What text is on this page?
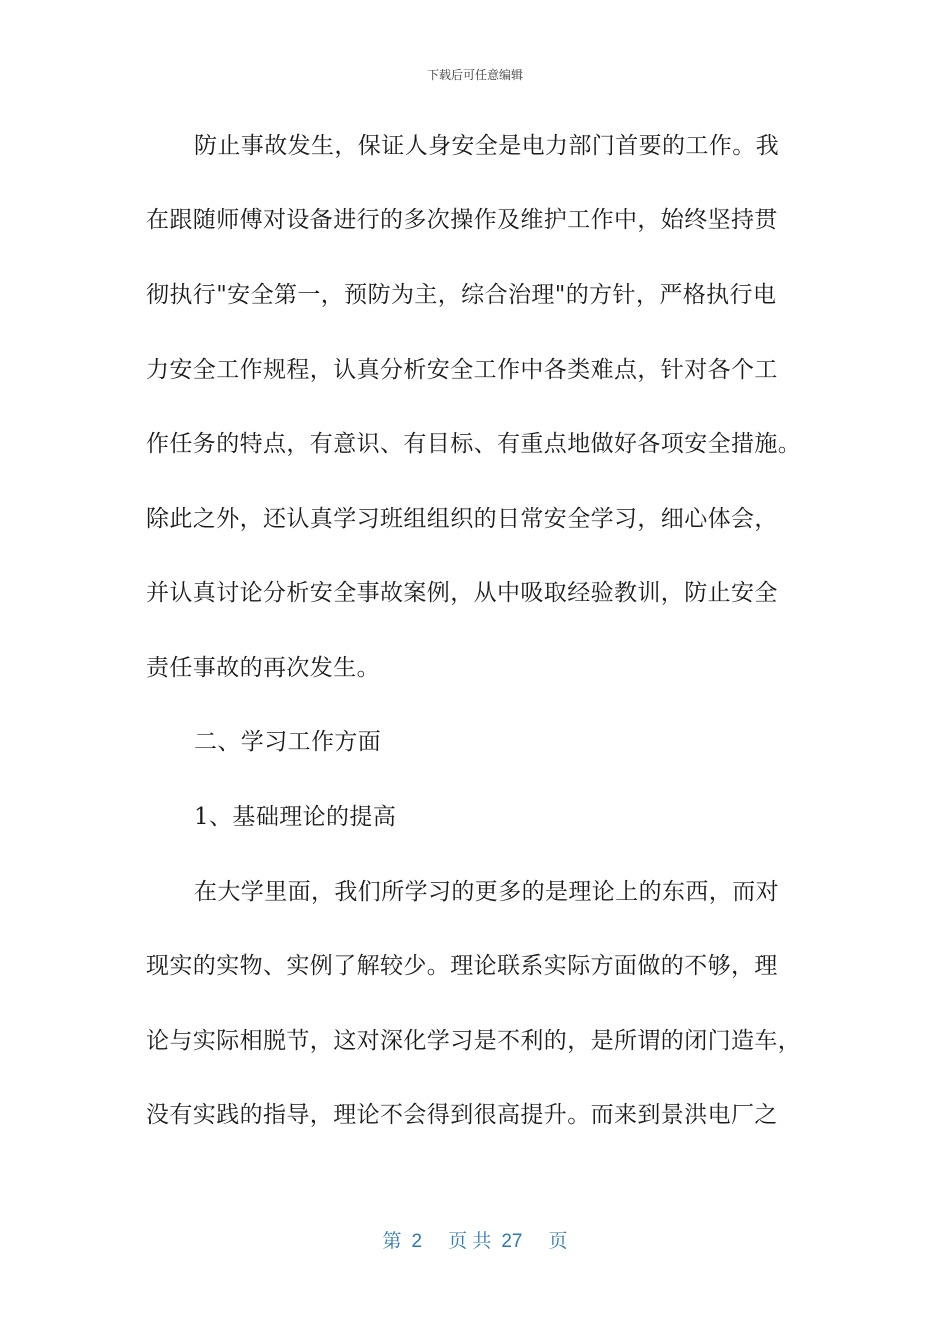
下载后可任意编辑
防止事故发生，保证人身安全是电力部门首要的工作。我
在跟随师傅对设备进行的多次操作及维护工作中，始终坚持贯
彻执行"安全第一，预防为主，综合治理"的方针，严格执行电
力安全工作规程，认真分析安全工作中各类难点，针对各个工
作任务的特点，有意识、有目标、有重点地做好各项安全措施。
除此之外，还认真学习班组组织的日常安全学习，细心体会，
并认真讨论分析安全事故案例，从中吸取经验教训，防止安全
责任事故的再次发生。
二、学习工作方面
1、基础理论的提高
在大学里面，我们所学习的更多的是理论上的东西，而对
现实的实物、实例了解较少。理论联系实际方面做的不够，理
论与实际相脱节，这对深化学习是不利的，是所谓的闭门造车，
没有实践的指导，理论不会得到很高提升。而来到景洪电厂之
第 2 页 共 27 页
